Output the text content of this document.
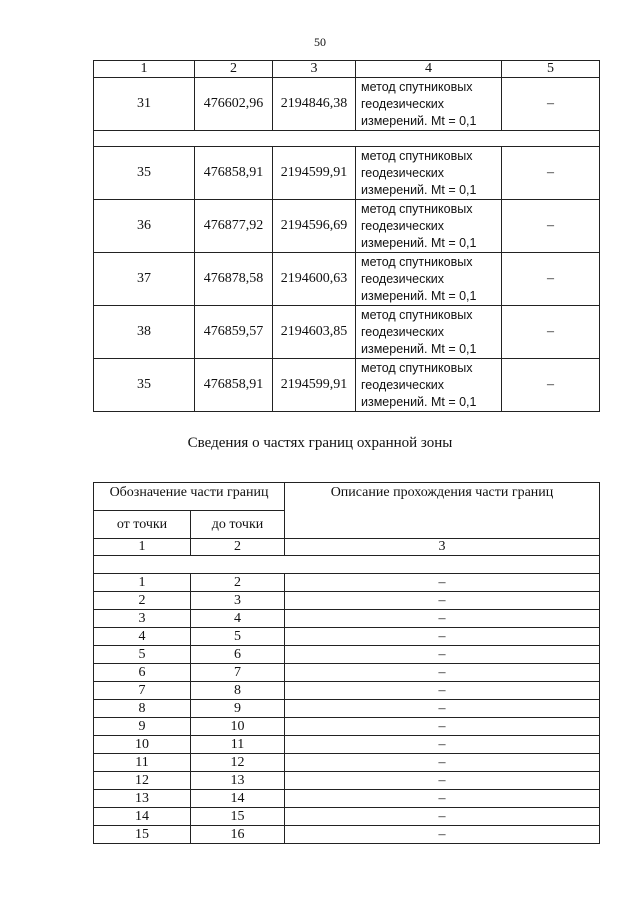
50
1	2	3	4	5
31	476602,96	2194846,38	метод спутниковых
геодезических
измерений. Mt = 0,1	–

35	476858,91	2194599,91	метод спутниковых
геодезических
измерений. Mt = 0,1	–
36	476877,92	2194596,69	метод спутниковых
геодезических
измерений. Mt = 0,1	–
37	476878,58	2194600,63	метод спутниковых
геодезических
измерений. Mt = 0,1	–
38	476859,57	2194603,85	метод спутниковых
геодезических
измерений. Mt = 0,1	–
35	476858,91	2194599,91	метод спутниковых
геодезических
измерений. Mt = 0,1	–
Сведения о частях границ охранной зоны
Обозначение части границ		Описание прохождения части границ
от точки	до точки	
1	2	3

1	2	–
2	3	–
3	4	–
4	5	–
5	6	–
6	7	–
7	8	–
8	9	–
9	10	–
10	11	–
11	12	–
12	13	–
13	14	–
14	15	–
15	16	–
